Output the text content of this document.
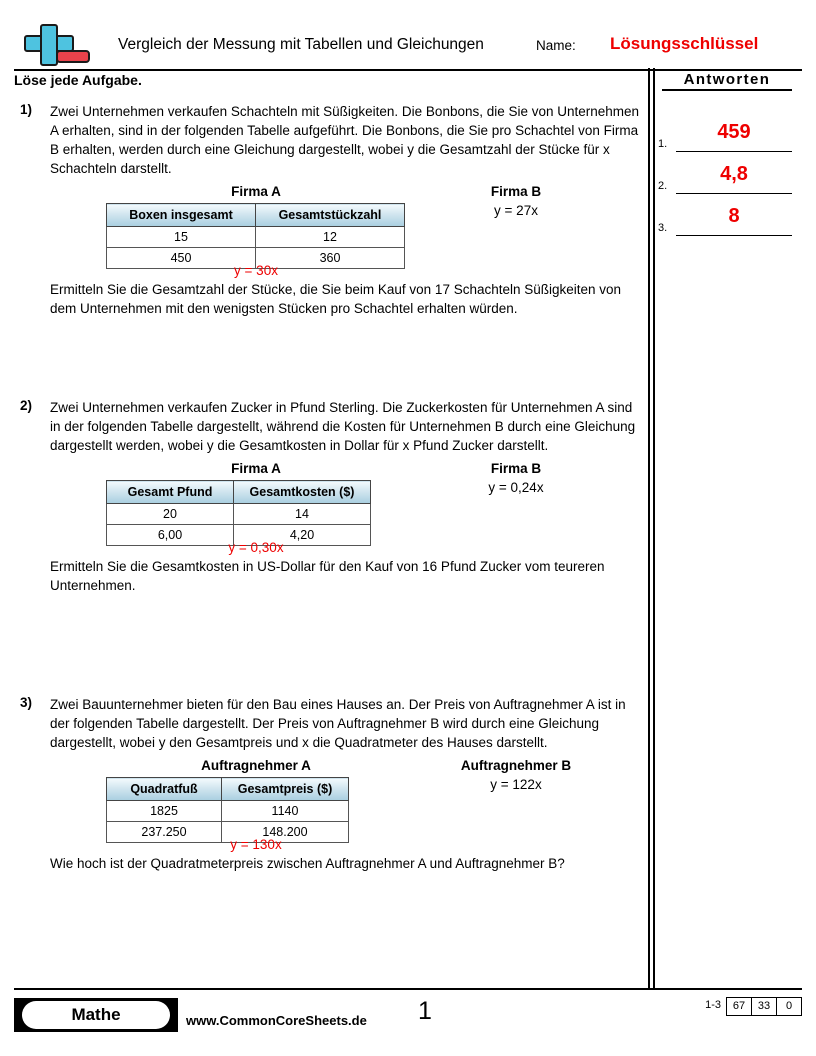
Vergleich der Messung mit Tabellen und Gleichungen	Name: Lösungsschlüssel
Löse jede Aufgabe.	Antworten
1.
459
2.
4,8
3.
8
1) Zwei Unternehmen verkaufen Schachteln mit Süßigkeiten. Die Bonbons, die Sie von Unternehmen A erhalten, sind in der folgenden Tabelle aufgeführt. Die Bonbons, die Sie pro Schachtel von Firma B erhalten, werden durch eine Gleichung dargestellt, wobei y die Gesamtzahl der Stücke für x Schachteln darstellt.
Firma A
Boxen insgesamt	Gesamtstückzahl
15	12
450	360
y = 30x
Firma B
y = 27x
Ermitteln Sie die Gesamtzahl der Stücke, die Sie beim Kauf von 17 Schachteln Süßigkeiten von dem Unternehmen mit den wenigsten Stücken pro Schachtel erhalten würden.
2) Zwei Unternehmen verkaufen Zucker in Pfund Sterling. Die Zuckerkosten für Unternehmen A sind in der folgenden Tabelle dargestellt, während die Kosten für Unternehmen B durch eine Gleichung dargestellt werden, wobei y die Gesamtkosten in Dollar für x Pfund Zucker darstellt.
Firma A
Gesamt Pfund	Gesamtkosten ($)
20	14
6,00	4,20
y = 0,30x
Firma B
y = 0,24x
Ermitteln Sie die Gesamtkosten in US-Dollar für den Kauf von 16 Pfund Zucker vom teureren Unternehmen.
3) Zwei Bauunternehmer bieten für den Bau eines Hauses an. Der Preis von Auftragnehmer A ist in der folgenden Tabelle dargestellt. Der Preis von Auftragnehmer B wird durch eine Gleichung dargestellt, wobei y den Gesamtpreis und x die Quadratmeter des Hauses darstellt.
Auftragnehmer A
Quadratfuß	Gesamtpreis ($)
1825	1140
237.250	148.200
y = 130x
Auftragnehmer B
y = 122x
Wie hoch ist der Quadratmeterpreis zwischen Auftragnehmer A und Auftragnehmer B?
Mathe	www.CommonCoreSheets.de 1	1-3	67	33	0
